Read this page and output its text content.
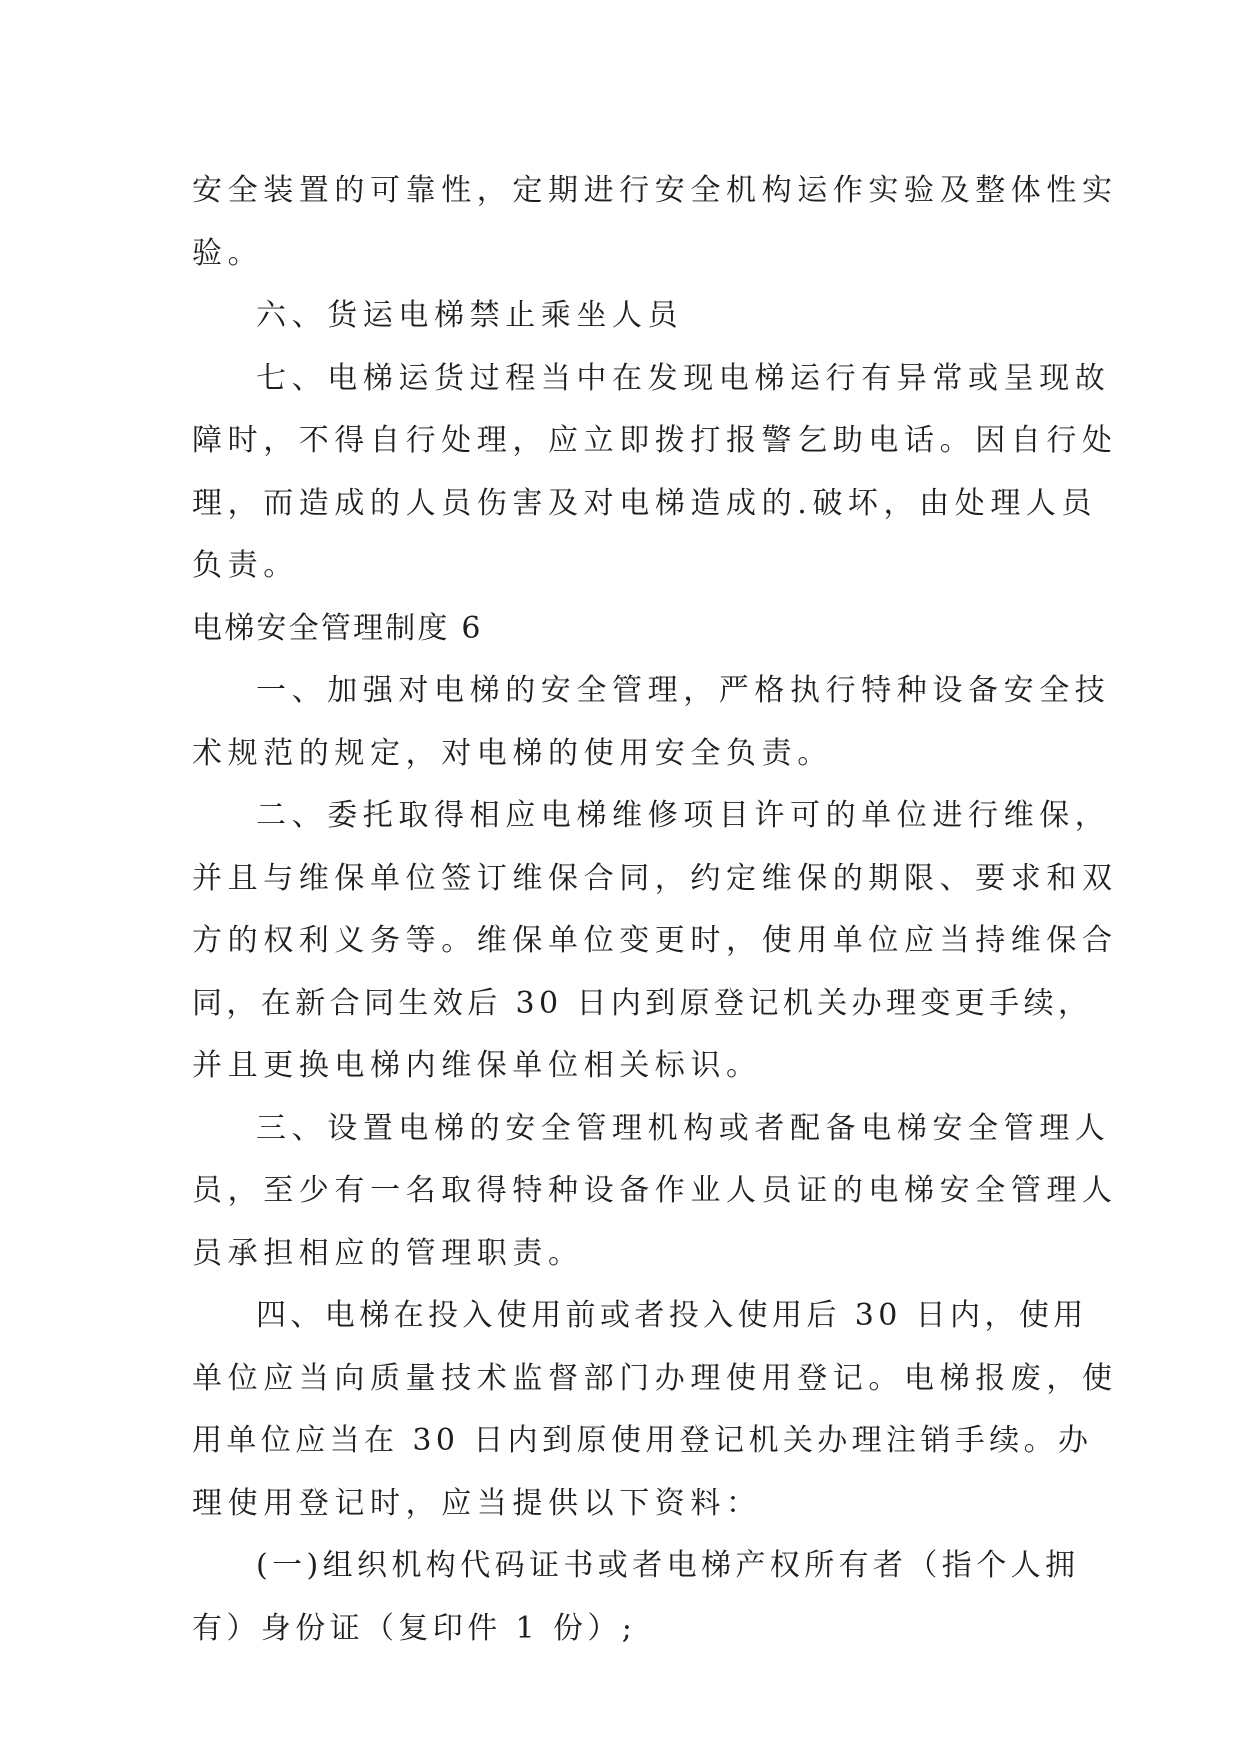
安全装置的可靠性，定期进行安全机构运作实验及整体性实
验。
六、货运电梯禁止乘坐人员
七、电梯运货过程当中在发现电梯运行有异常或呈现故
障时，不得自行处理，应立即拨打报警乞助电话。因自行处
理，而造成的人员伤害及对电梯造成的.破坏，由处理人员
负责。
电梯安全管理制度 6
一、加强对电梯的安全管理，严格执行特种设备安全技
术规范的规定，对电梯的使用安全负责。
二、委托取得相应电梯维修项目许可的单位进行维保，
并且与维保单位签订维保合同，约定维保的期限、要求和双
方的权利义务等。维保单位变更时，使用单位应当持维保合
同，在新合同生效后 30 日内到原登记机关办理变更手续，
并且更换电梯内维保单位相关标识。
三、设置电梯的安全管理机构或者配备电梯安全管理人
员，至少有一名取得特种设备作业人员证的电梯安全管理人
员承担相应的管理职责。
四、电梯在投入使用前或者投入使用后 30 日内，使用
单位应当向质量技术监督部门办理使用登记。电梯报废，使
用单位应当在 30 日内到原使用登记机关办理注销手续。办
理使用登记时，应当提供以下资料：
(一)组织机构代码证书或者电梯产权所有者（指个人拥
有）身份证（复印件 1 份）;
